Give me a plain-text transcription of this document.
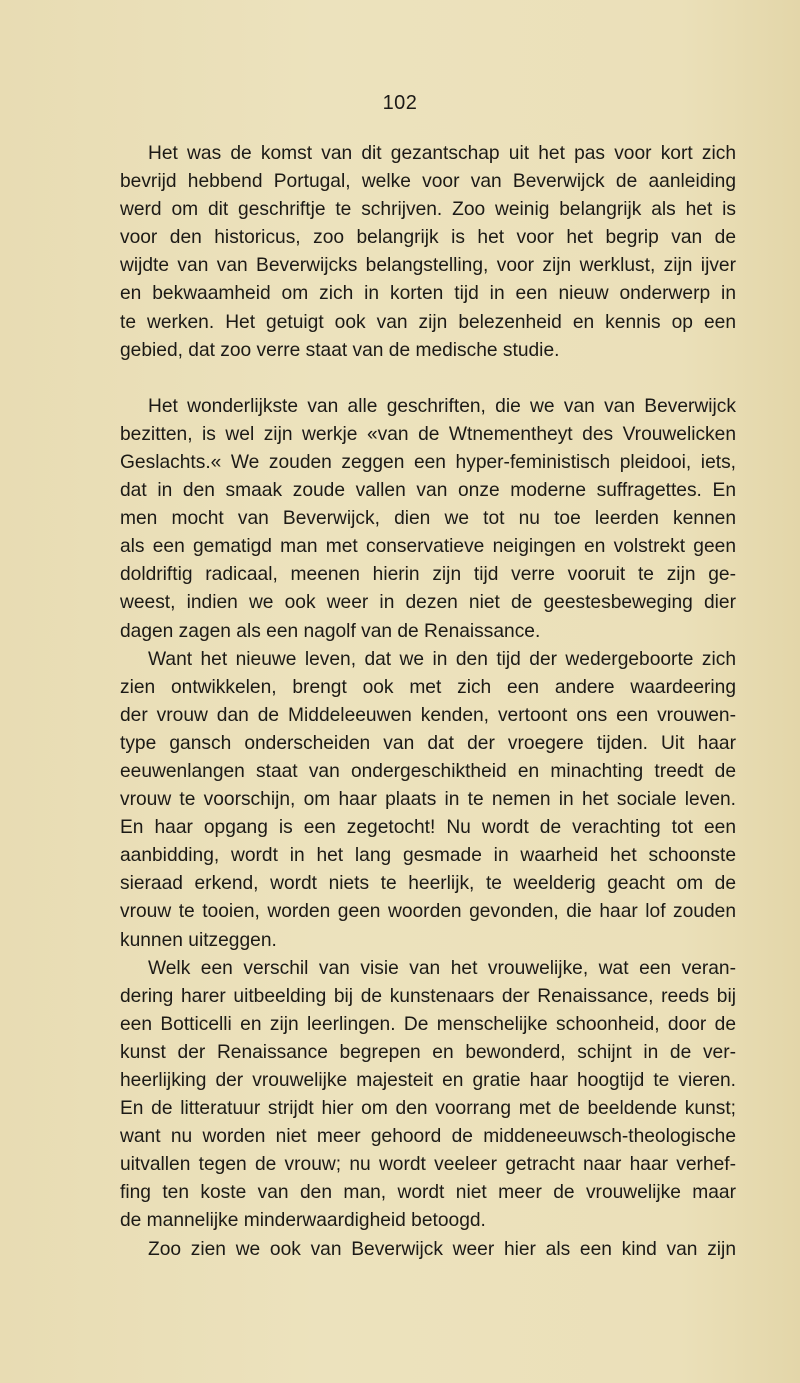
102
Het was de komst van dit gezantschap uit het pas voor kort zich
bevrijd hebbend Portugal, welke voor van Beverwijck de aanleiding
werd om dit geschriftje te schrijven. Zoo weinig belangrijk als het is
voor den historicus, zoo belangrijk is het voor het begrip van de
wijdte van van Beverwijcks belangstelling, voor zijn werklust, zijn ijver
en bekwaamheid om zich in korten tijd in een nieuw onderwerp in
te werken. Het getuigt ook van zijn belezenheid en kennis op een
gebied, dat zoo verre staat van de medische studie.
Het wonderlijkste van alle geschriften, die we van van Beverwijck
bezitten, is wel zijn werkje «van de Wtnementheyt des Vrouwelicken
Geslachts.« We zouden zeggen een hyper-feministisch pleidooi, iets,
dat in den smaak zoude vallen van onze moderne suffragettes. En
men mocht van Beverwijck, dien we tot nu toe leerden kennen
als een gematigd man met conservatieve neigingen en volstrekt geen
doldriftig radicaal, meenen hierin zijn tijd verre vooruit te zijn ge-
weest, indien we ook weer in dezen niet de geestesbeweging dier
dagen zagen als een nagolf van de Renaissance.
Want het nieuwe leven, dat we in den tijd der wedergeboorte zich
zien ontwikkelen, brengt ook met zich een andere waardeering
der vrouw dan de Middeleeuwen kenden, vertoont ons een vrouwen-
type gansch onderscheiden van dat der vroegere tijden. Uit haar
eeuwenlangen staat van ondergeschiktheid en minachting treedt de
vrouw te voorschijn, om haar plaats in te nemen in het sociale leven.
En haar opgang is een zegetocht! Nu wordt de verachting tot een
aanbidding, wordt in het lang gesmade in waarheid het schoonste
sieraad erkend, wordt niets te heerlijk, te weelderig geacht om de
vrouw te tooien, worden geen woorden gevonden, die haar lof zouden
kunnen uitzeggen.
Welk een verschil van visie van het vrouwelijke, wat een veran-
dering harer uitbeelding bij de kunstenaars der Renaissance, reeds bij
een Botticelli en zijn leerlingen. De menschelijke schoonheid, door de
kunst der Renaissance begrepen en bewonderd, schijnt in de ver-
heerlijking der vrouwelijke majesteit en gratie haar hoogtijd te vieren.
En de litteratuur strijdt hier om den voorrang met de beeldende kunst;
want nu worden niet meer gehoord de middeneeuwsch-theologische
uitvallen tegen de vrouw; nu wordt veeleer getracht naar haar verhef-
fing ten koste van den man, wordt niet meer de vrouwelijke maar
de mannelijke minderwaardigheid betoogd.
Zoo zien we ook van Beverwijck weer hier als een kind van zijn
